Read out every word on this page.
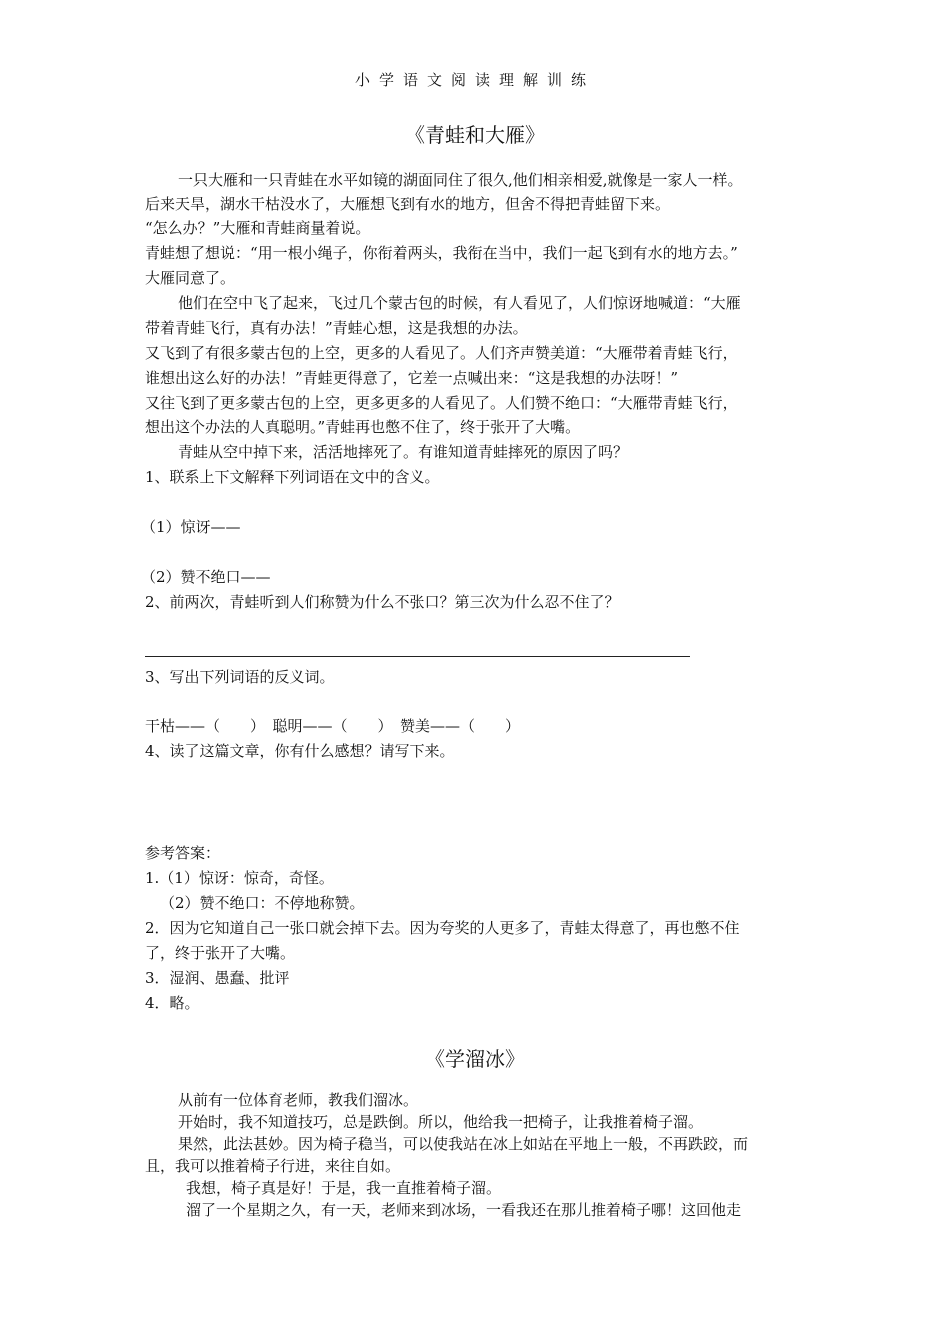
小学语文阅读理解训练
《青蛙和大雁》
一只大雁和一只青蛙在水平如镜的湖面同住了很久,他们相亲相爱,就像是一家人一样。
后来天旱，湖水干枯没水了，大雁想飞到有水的地方，但舍不得把青蛙留下来。
“怎么办？”大雁和青蛙商量着说。
青蛙想了想说：“用一根小绳子，你衔着两头，我衔在当中，我们一起飞到有水的地方去。”
大雁同意了。
他们在空中飞了起来，飞过几个蒙古包的时候，有人看见了，人们惊讶地喊道：“大雁
带着青蛙飞行，真有办法！”青蛙心想，这是我想的办法。
又飞到了有很多蒙古包的上空，更多的人看见了。人们齐声赞美道：“大雁带着青蛙飞行，
谁想出这么好的办法！”青蛙更得意了，它差一点喊出来：“这是我想的办法呀！”
又往飞到了更多蒙古包的上空，更多更多的人看见了。人们赞不绝口：“大雁带青蛙飞行，
想出这个办法的人真聪明。”青蛙再也憋不住了，终于张开了大嘴。
青蛙从空中掉下来，活活地摔死了。有谁知道青蛙摔死的原因了吗？
1、联系上下文解释下列词语在文中的含义。
（1）惊讶——
（2）赞不绝口——
2、前两次，青蛙听到人们称赞为什么不张口？第三次为什么忍不住了？
3、写出下列词语的反义词。
干枯——（　　）　聪明——（　　）　赞美——（　　）
4、读了这篇文章，你有什么感想？请写下来。
参考答案：
1.（1）惊讶：惊奇，奇怪。
（2）赞不绝口：不停地称赞。
2．因为它知道自己一张口就会掉下去。因为夸奖的人更多了，青蛙太得意了，再也憋不住
了，终于张开了大嘴。
3．湿润、愚蠢、批评
4．略。
《学溜冰》
从前有一位体育老师，教我们溜冰。
开始时，我不知道技巧，总是跌倒。所以，他给我一把椅子，让我推着椅子溜。
果然，此法甚妙。因为椅子稳当，可以使我站在冰上如站在平地上一般，不再跌跤，而
且，我可以推着椅子行进，来往自如。
我想，椅子真是好！于是，我一直推着椅子溜。
溜了一个星期之久，有一天，老师来到冰场，一看我还在那儿推着椅子哪！这回他走
